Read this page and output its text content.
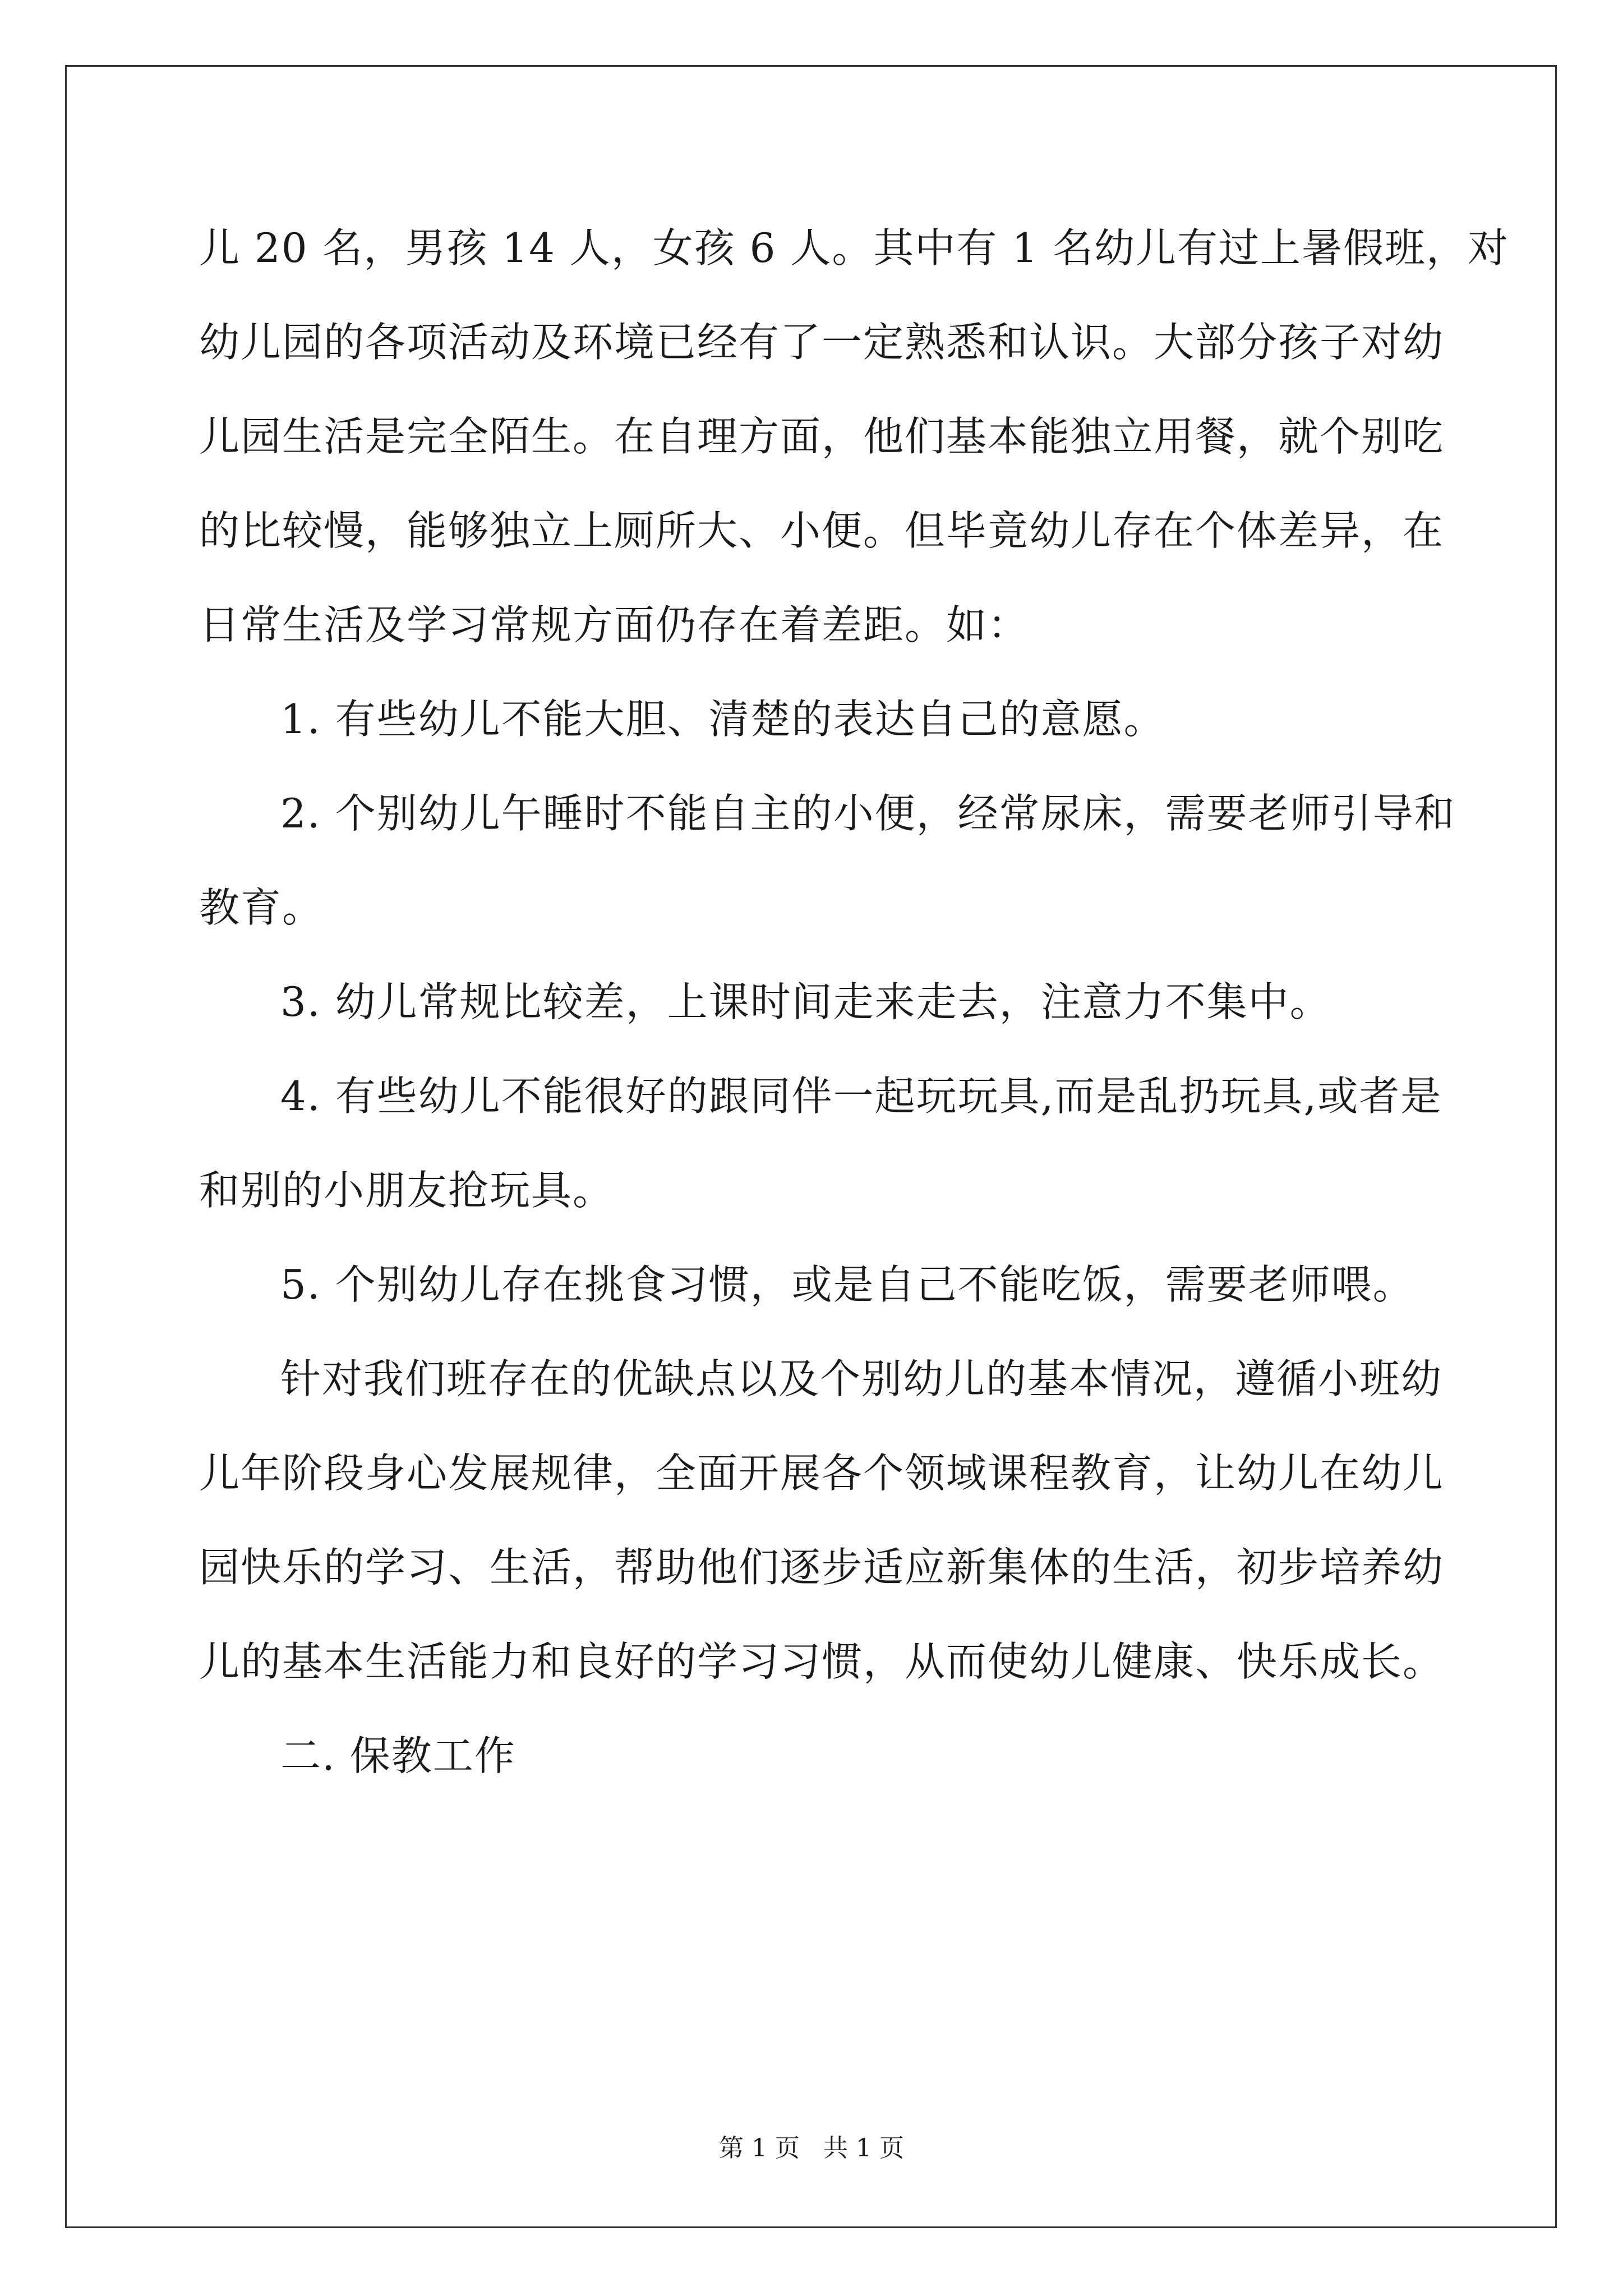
儿 20 名，男孩 14 人，女孩 6 人。其中有 1 名幼儿有过上暑假班，对
幼儿园的各项活动及环境已经有了一定熟悉和认识。大部分孩子对幼
儿园生活是完全陌生。在自理方面，他们基本能独立用餐，就个别吃
的比较慢，能够独立上厕所大、小便。但毕竟幼儿存在个体差异，在
日常生活及学习常规方面仍存在着差距。如：
1. 有些幼儿不能大胆、清楚的表达自己的意愿。
2. 个别幼儿午睡时不能自主的小便，经常尿床，需要老师引导和
教育。
3. 幼儿常规比较差，上课时间走来走去，注意力不集中。
4. 有些幼儿不能很好的跟同伴一起玩玩具,而是乱扔玩具,或者是
和别的小朋友抢玩具。
5. 个别幼儿存在挑食习惯，或是自己不能吃饭，需要老师喂。
针对我们班存在的优缺点以及个别幼儿的基本情况，遵循小班幼
儿年阶段身心发展规律，全面开展各个领域课程教育，让幼儿在幼儿
园快乐的学习、生活，帮助他们逐步适应新集体的生活，初步培养幼
儿的基本生活能力和良好的学习习惯，从而使幼儿健康、快乐成长。
二. 保教工作
第 1 页   共 1 页
